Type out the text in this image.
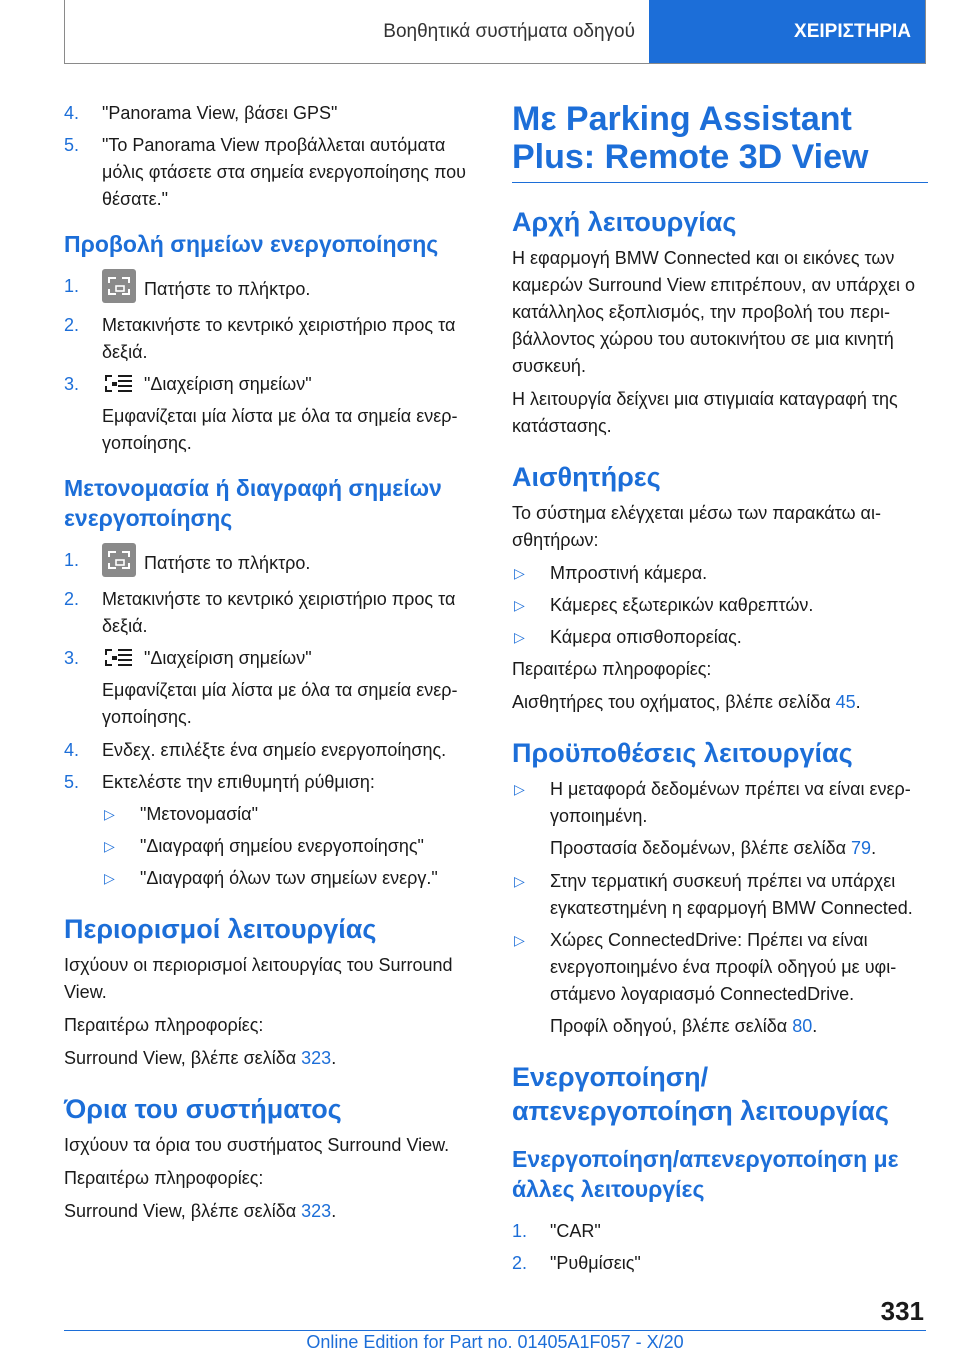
Βοηθητικά συστήματα οδηγού	ΧΕΙΡΙΣΤΗΡΙΑ
4. "Panorama View, βάσει GPS"
5. "Το Panorama View προβάλλεται αυτόματα μόλις φτάσετε στα σημεία ενεργοποίησης που θέσατε."
Προβολή σημείων ενεργοποίησης
1.	Πατήστε το πλήκτρο.
2. Μετακινήστε το κεντρικό χειριστήριο προς τα δεξιά.
3.	"Διαχείριση σημείων"
Εμφανίζεται μία λίστα με όλα τα σημεία ενεργοποίησης.
Μετονομασία ή διαγραφή σημείων ενεργοποίησης
1.	Πατήστε το πλήκτρο.
2. Μετακινήστε το κεντρικό χειριστήριο προς τα δεξιά.
3.	"Διαχείριση σημείων"
Εμφανίζεται μία λίστα με όλα τα σημεία ενεργοποίησης.
4. Ενδεχ. επιλέξτε ένα σημείο ενεργοποίησης.
5. Εκτελέστε την επιθυμητή ρύθμιση:
▷ "Μετονομασία"
▷ "Διαγραφή σημείου ενεργοποίησης"
▷ "Διαγραφή όλων των σημείων ενεργ."
Περιορισμοί λειτουργίας
Ισχύουν οι περιορισμοί λειτουργίας του Surround View.
Περαιτέρω πληροφορίες:
Surround View, βλέπε σελίδα 323.
Όρια του συστήματος
Ισχύουν τα όρια του συστήματος Surround View.
Περαιτέρω πληροφορίες:
Surround View, βλέπε σελίδα 323.
Με Parking Assistant Plus: Remote 3D View
Αρχή λειτουργίας
Η εφαρμογή BMW Connected και οι εικόνες των καμερών Surround View επιτρέπουν, αν υπάρχει ο κατάλληλος εξοπλισμός, την προβολή του περιβάλλοντος χώρου του αυτοκινήτου σε μια κινητή συσκευή.
Η λειτουργία δείχνει μια στιγμιαία καταγραφή της κατάστασης.
Αισθητήρες
Το σύστημα ελέγχεται μέσω των παρακάτω αισθητήρων:
▷ Μπροστινή κάμερα.
▷ Κάμερες εξωτερικών καθρεπτών.
▷ Κάμερα οπισθοπορείας.
Περαιτέρω πληροφορίες:
Αισθητήρες του οχήματος, βλέπε σελίδα 45.
Προϋποθέσεις λειτουργίας
▷ Η μεταφορά δεδομένων πρέπει να είναι ενεργοποιημένη.
Προστασία δεδομένων, βλέπε σελίδα 79.
▷ Στην τερματική συσκευή πρέπει να υπάρχει εγκατεστημένη η εφαρμογή BMW Connected.
▷ Χώρες ConnectedDrive: Πρέπει να είναι ενεργοποιημένο ένα προφίλ οδηγού με υφιστάμενο λογαριασμό ConnectedDrive.
Προφίλ οδηγού, βλέπε σελίδα 80.
Ενεργοποίηση/απενεργοποίηση λειτουργίας
Ενεργοποίηση/απενεργοποίηση με άλλες λειτουργίες
1. "CAR"
2. "Ρυθμίσεις"
331
Online Edition for Part no. 01405A1F057 - X/20
